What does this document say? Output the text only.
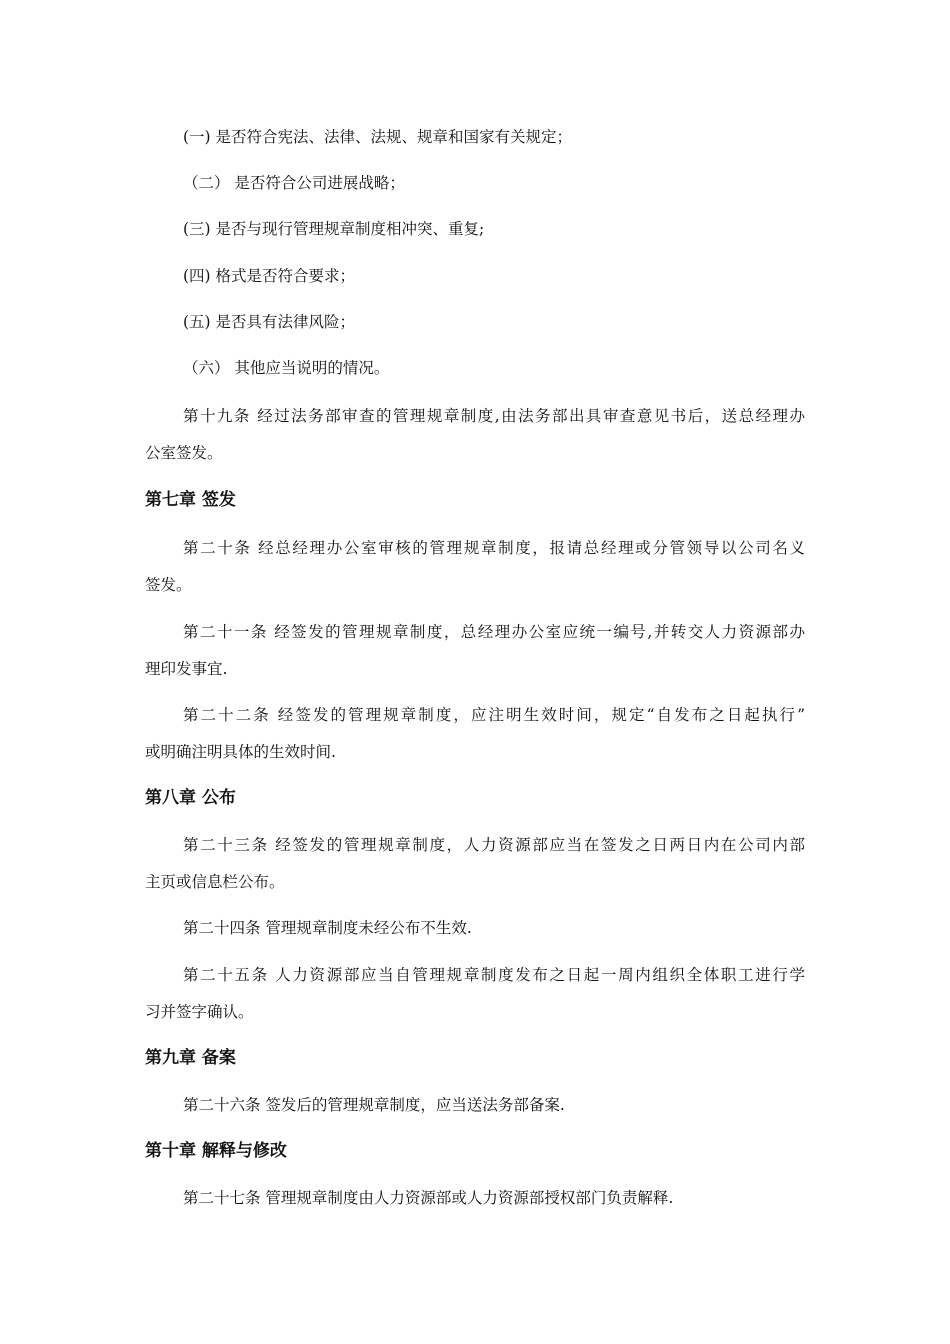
(一) 是否符合宪法、法律、法规、规章和国家有关规定；
（二） 是否符合公司进展战略；
(三) 是否与现行管理规章制度相冲突、重复;
(四) 格式是否符合要求；
(五) 是否具有法律风险；
（六） 其他应当说明的情况。
第十九条 经过法务部审查的管理规章制度,由法务部出具审查意见书后，送总经理办
公室签发。
第七章 签发
第二十条 经总经理办公室审核的管理规章制度，报请总经理或分管领导以公司名义
签发。
第二十一条 经签发的管理规章制度，总经理办公室应统一编号,并转交人力资源部办
理印发事宜.
第二十二条 经签发的管理规章制度，应注明生效时间，规定“自发布之日起执行”
或明确注明具体的生效时间.
第八章 公布
第二十三条 经签发的管理规章制度，人力资源部应当在签发之日两日内在公司内部
主页或信息栏公布。
第二十四条 管理规章制度未经公布不生效.
第二十五条 人力资源部应当自管理规章制度发布之日起一周内组织全体职工进行学
习并签字确认。
第九章 备案
第二十六条 签发后的管理规章制度，应当送法务部备案.
第十章 解释与修改
第二十七条 管理规章制度由人力资源部或人力资源部授权部门负责解释.
